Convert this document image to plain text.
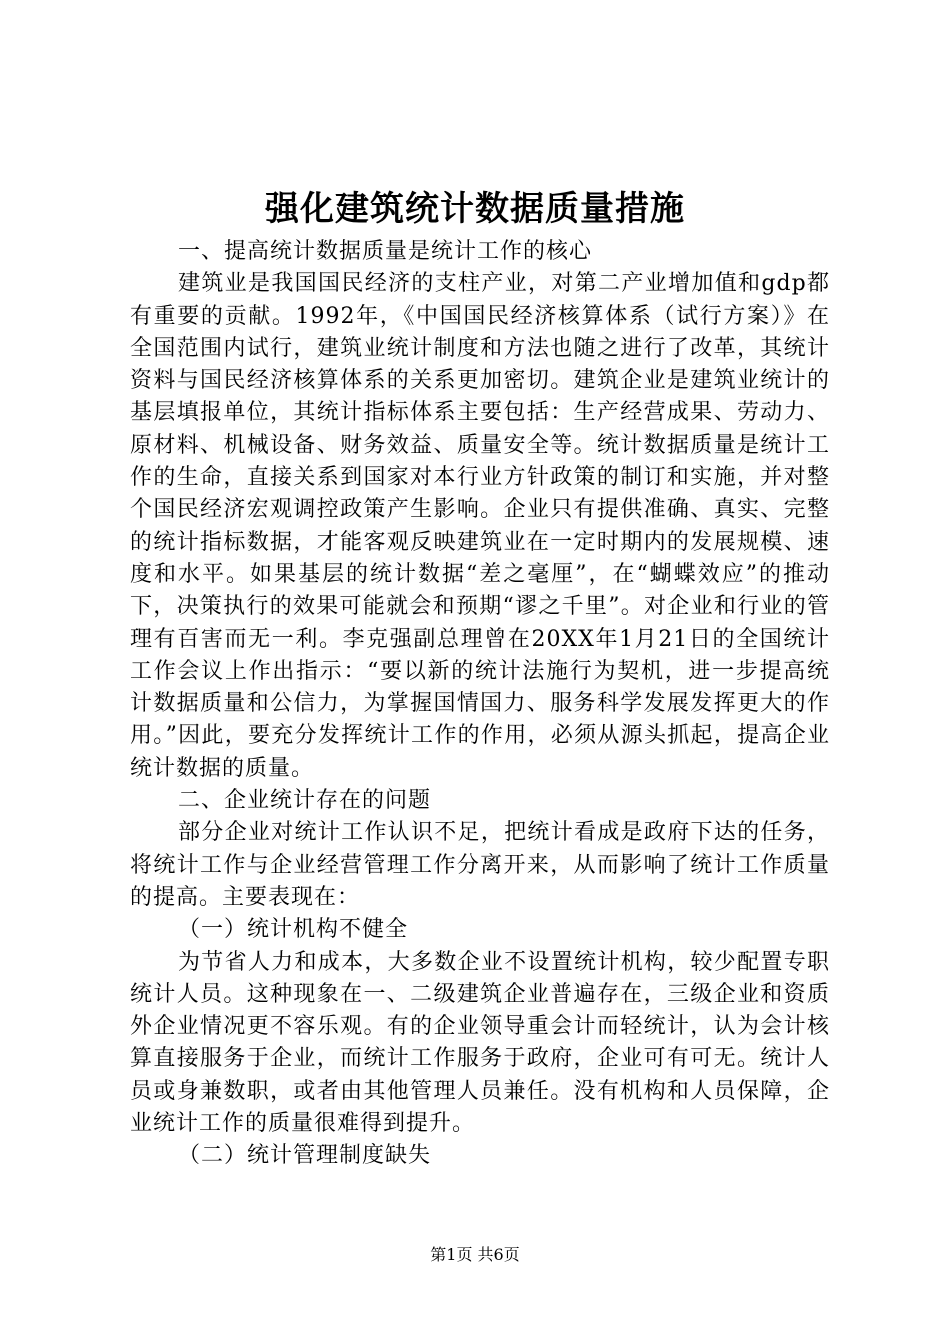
强化建筑统计数据质量措施

一、提高统计数据质量是统计工作的核心

建筑业是我国国民经济的支柱产业，对第二产业增加值和gdp都有重要的贡献。1992年，《中国国民经济核算体系（试行方案）》在全国范围内试行，建筑业统计制度和方法也随之进行了改革，其统计资料与国民经济核算体系的关系更加密切。建筑企业是建筑业统计的基层填报单位，其统计指标体系主要包括：生产经营成果、劳动力、原材料、机械设备、财务效益、质量安全等。统计数据质量是统计工作的生命，直接关系到国家对本行业方针政策的制订和实施，并对整个国民经济宏观调控政策产生影响。企业只有提供准确、真实、完整的统计指标数据，才能客观反映建筑业在一定时期内的发展规模、速度和水平。如果基层的统计数据“差之毫厘”，在“蝴蝶效应”的推动下，决策执行的效果可能就会和预期“谬之千里”。对企业和行业的管理有百害而无一利。李克强副总理曾在20XX年1月21日的全国统计工作会议上作出指示：“要以新的统计法施行为契机，进一步提高统计数据质量和公信力，为掌握国情国力、服务科学发展发挥更大的作用。”因此，要充分发挥统计工作的作用，必须从源头抓起，提高企业统计数据的质量。

二、企业统计存在的问题

部分企业对统计工作认识不足，把统计看成是政府下达的任务，将统计工作与企业经营管理工作分离开来，从而影响了统计工作质量的提高。主要表现在：

（一）统计机构不健全

为节省人力和成本，大多数企业不设置统计机构，较少配置专职统计人员。这种现象在一、二级建筑企业普遍存在，三级企业和资质外企业情况更不容乐观。有的企业领导重会计而轻统计，认为会计核算直接服务于企业，而统计工作服务于政府，企业可有可无。统计人员或身兼数职，或者由其他管理人员兼任。没有机构和人员保障，企业统计工作的质量很难得到提升。

（二）统计管理制度缺失

第1页 共6页
